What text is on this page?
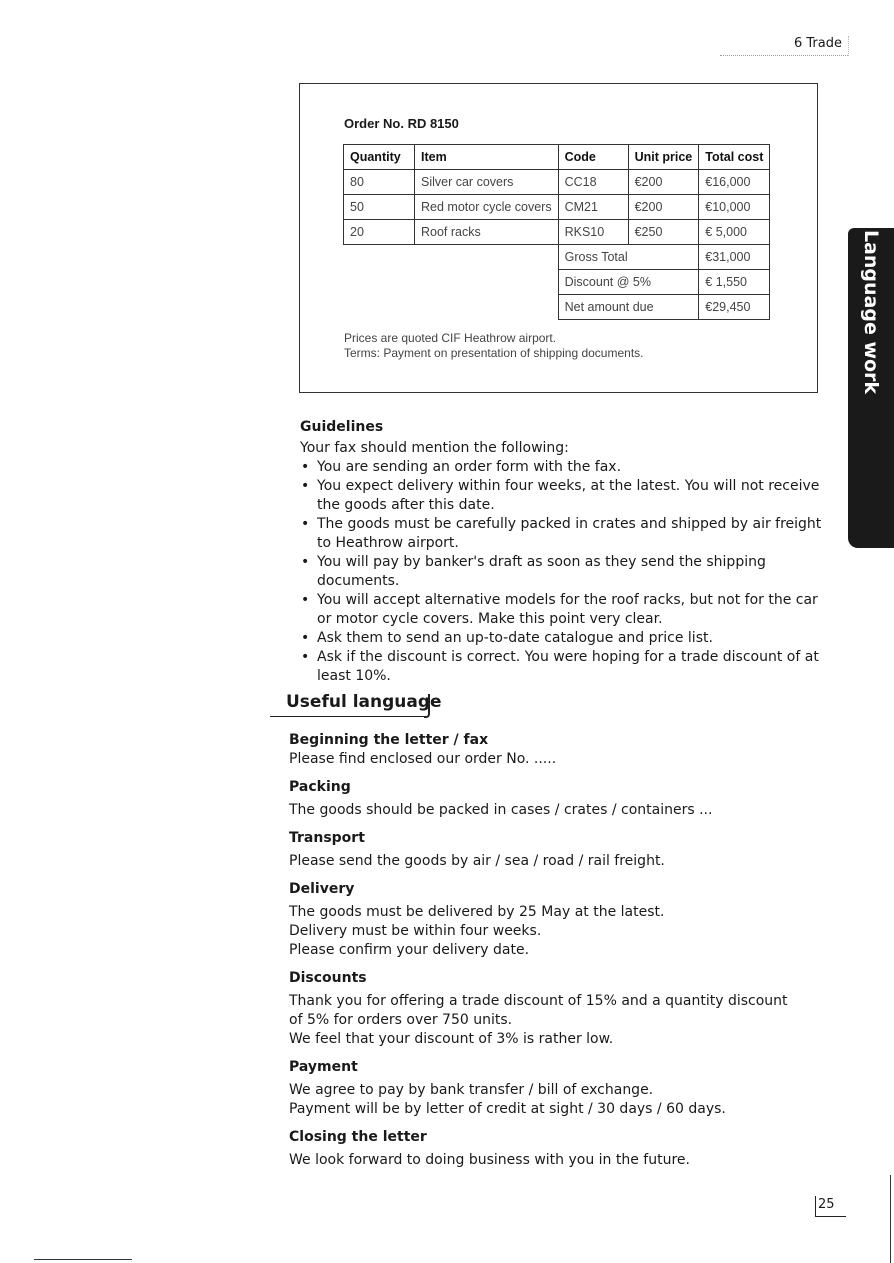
6 Trade
Order No. RD 8150
Quantity	Item	Code	Unit price	Total cost
80	Silver car covers	CC18	€200	€16,000
50	Red motor cycle covers	CM21	€200	€10,000
20	Roof racks	RKS10	€250	€ 5,000
		Gross Total		€31,000
		Discount @ 5%		€ 1,550
		Net amount due		€29,450
Prices are quoted CIF Heathrow airport.
Terms: Payment on presentation of shipping documents.	Language work
Guidelines

Your fax should mention the following:

• You are sending an order form with the fax.
• You expect delivery within four weeks, at the latest. You will not receive the goods after this date.
• The goods must be carefully packed in crates and shipped by air freight to Heathrow airport.
• You will pay by banker's draft as soon as they send the shipping documents.
• You will accept alternative models for the roof racks, but not for the car or motor cycle covers. Make this point very clear.
• Ask them to send an up-to-date catalogue and price list.
• Ask if the discount is correct. You were hoping for a trade discount of at least 10%.
Useful language
Beginning the letter / fax

Please find enclosed our order No. .....

Packing

The goods should be packed in cases / crates / containers ...

Transport

Please send the goods by air / sea / road / rail freight.

Delivery

The goods must be delivered by 25 May at the latest.

Delivery must be within four weeks.

Please confirm your delivery date.

Discounts

Thank you for offering a trade discount of 15% and a quantity discount of 5% for orders over 750 units.

We feel that your discount of 3% is rather low.

Payment

We agree to pay by bank transfer / bill of exchange.

Payment will be by letter of credit at sight / 30 days / 60 days.

Closing the letter

We look forward to doing business with you in the future.

25
